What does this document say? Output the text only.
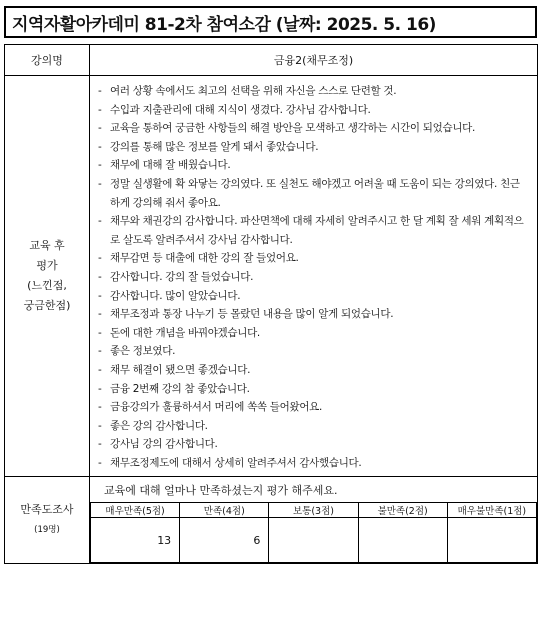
지역자활아카데미 81-2차 참여소감 (날짜: 2025. 5. 16)
강의명	금융2(채무조정)

교육 후
평가
(느낀점,
궁금한점)

- 여러 상황 속에서도 최고의 선택을 위해 자신을 스스로 단련할 것.
- 수입과 지출관리에 대해 지식이 생겼다. 강사님 감사합니다.
- 교육을 통하여 궁금한 사항들의 해결 방안을 모색하고 생각하는 시간이 되었습니다.
- 강의를 통해 많은 정보를 알게 돼서 좋았습니다.
- 채무에 대해 잘 배웠습니다.
- 정말 실생활에 확 와닿는 강의였다. 또 실천도 해야겠고 어려울 때 도움이 되는 강의였다. 친근하게 강의해 줘서 좋아요.
- 채무와 채권강의 감사합니다. 파산면책에 대해 자세히 알려주시고 한 달 계획 잘 세워 계획적으로 살도록 알려주셔서 강사님 감사합니다.
- 채무감면 등 대출에 대한 강의 잘 들었어요.
- 감사합니다. 강의 잘 들었습니다.
- 감사합니다. 많이 알았습니다.
- 채무조정과 통장 나누기 등 몰랐던 내용을 많이 알게 되었습니다.
- 돈에 대한 개념을 바꿔야겠습니다.
- 좋은 정보였다.
- 채무 해결이 됐으면 좋겠습니다.
- 금융 2번째 강의 참 좋았습니다.
- 금융강의가 훌륭하셔서 머리에 쏙쏙 들어왔어요.
- 좋은 강의 감사합니다.
- 강사님 강의 감사합니다.
- 채무조정제도에 대해서 상세히 알려주셔서 감사했습니다.

만족도조사
(19명)

교육에 대해 얼마나 만족하셨는지 평가 해주세요.
매우만족(5점)	만족(4점)	보통(3점)	불만족(2점)	매우불만족(1점)
13	6			
